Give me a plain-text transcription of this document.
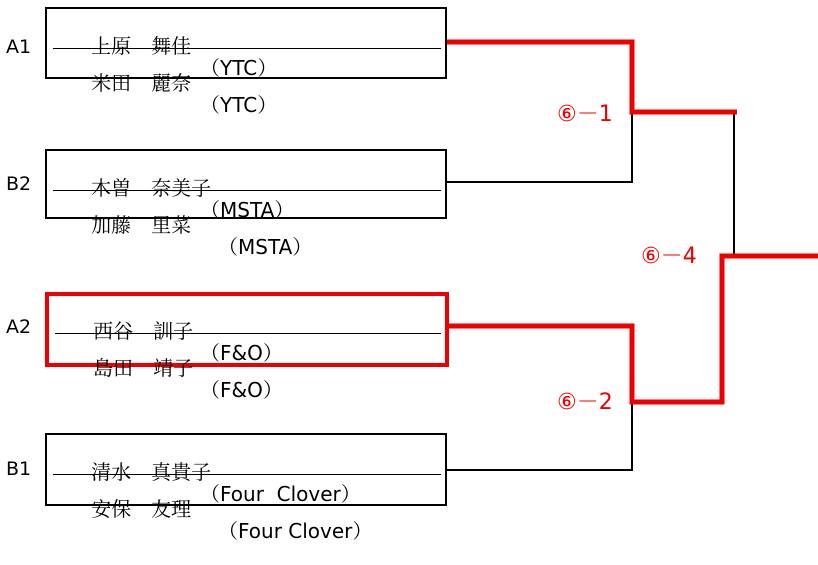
A1	上原　舞佳

（YTC）

米田　麗奈

（YTC）

B2	木曽　奈美子

（MSTA）

加藤　里菜

（MSTA）

A2	西谷　訓子

（F&O）

島田　靖子

（F&O）

B1	清水　真貴子

（Four  Clover）

安保　友理

（Four Clover）

⑥－1
⑥－2
⑥－4
